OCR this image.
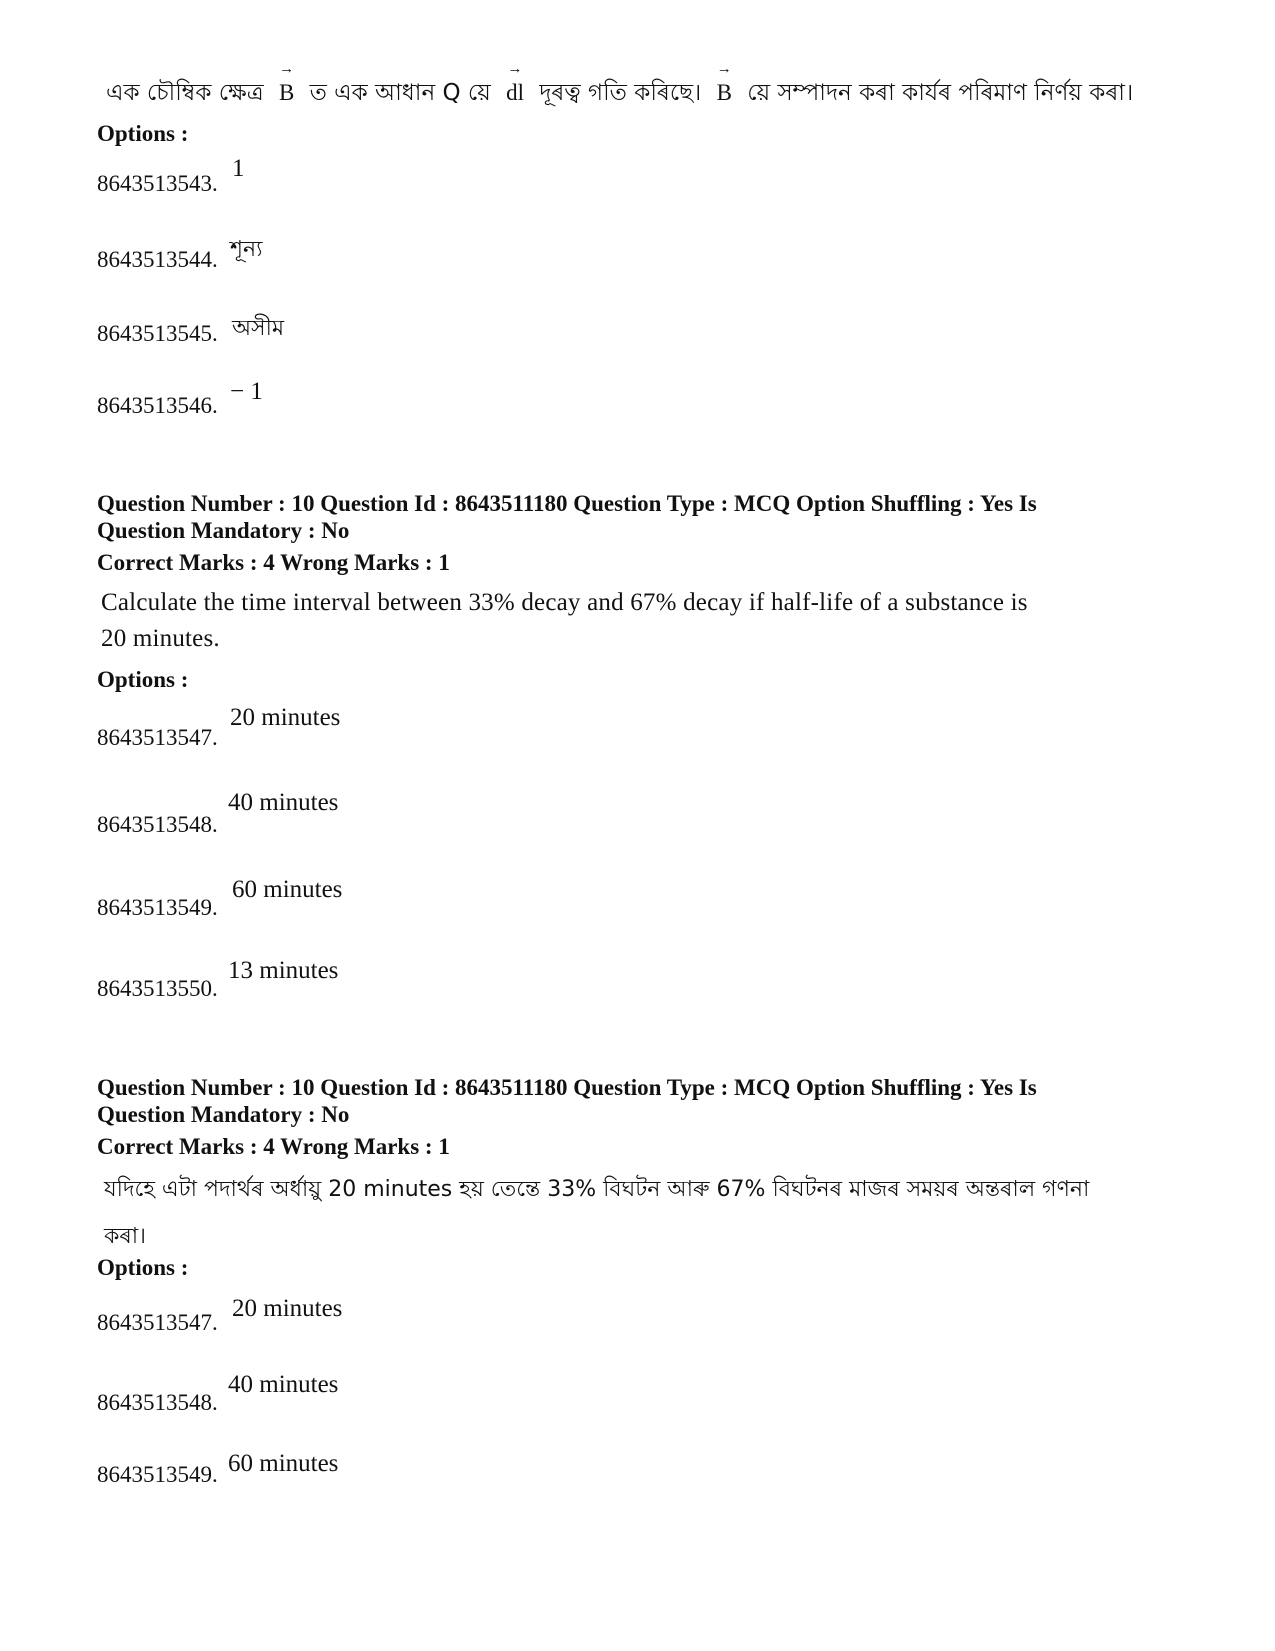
এক চৌম্বিক ক্ষেত্ৰ → B ত এক আধান Q য়ে → dl দূৰত্ব গতি কৰিছে। → B য়ে সম্পাদন কৰা কাৰ্যৰ পৰিমাণ নিৰ্ণয় কৰা।
Options :
8643513543.
1
8643513544. শূন্য
8643513545. অসীম
8643513546.
− 1
Question Number : 10 Question Id : 8643511180 Question Type : MCQ Option Shuffling : Yes Is
Question Mandatory : No
Correct Marks : 4 Wrong Marks : 1
Calculate the time interval between 33% decay and 67% decay if half-life of a substance is
20 minutes.
Options :
8643513547.
20 minutes
8643513548.
40 minutes
8643513549.
60 minutes
8643513550.
13 minutes
Question Number : 10 Question Id : 8643511180 Question Type : MCQ Option Shuffling : Yes Is
Question Mandatory : No
Correct Marks : 4 Wrong Marks : 1
যদিহে এটা পদাৰ্থৰ অৰ্ধায়ু 20 minutes হয় তেন্তে 33% বিঘটন আৰু 67% বিঘটনৰ মাজৰ সময়ৰ অন্তৰাল গণনা
কৰা।
Options :
8643513547.
20 minutes
8643513548.
40 minutes
8643513549. 60 minutes
